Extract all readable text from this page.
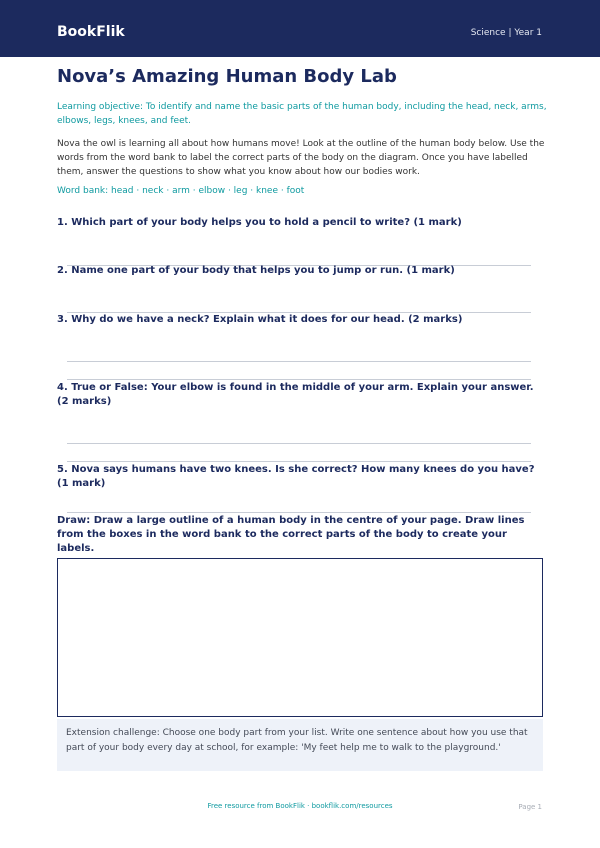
BookFlik	Science | Year 1
Nova’s Amazing Human Body Lab
Learning objective: To identify and name the basic parts of the human body, including the head, neck, arms, elbows, legs, knees, and feet.
Nova the owl is learning all about how humans move! Look at the outline of the human body below. Use the words from the word bank to label the correct parts of the body on the diagram. Once you have labelled them, answer the questions to show what you know about how our bodies work.
Word bank: head · neck · arm · elbow · leg · knee · foot
1. Which part of your body helps you to hold a pencil to write? (1 mark)
2. Name one part of your body that helps you to jump or run. (1 mark)
3. Why do we have a neck? Explain what it does for our head. (2 marks)
4. True or False: Your elbow is found in the middle of your arm. Explain your answer. (2 marks)
5. Nova says humans have two knees. Is she correct? How many knees do you have? (1 mark)
Draw: Draw a large outline of a human body in the centre of your page. Draw lines from the boxes in the word bank to the correct parts of the body to create your labels.
Extension challenge: Choose one body part from your list. Write one sentence about how you use that part of your body every day at school, for example: 'My feet help me to walk to the playground.'
Free resource from BookFlik · bookflik.com/resources	Page 1
